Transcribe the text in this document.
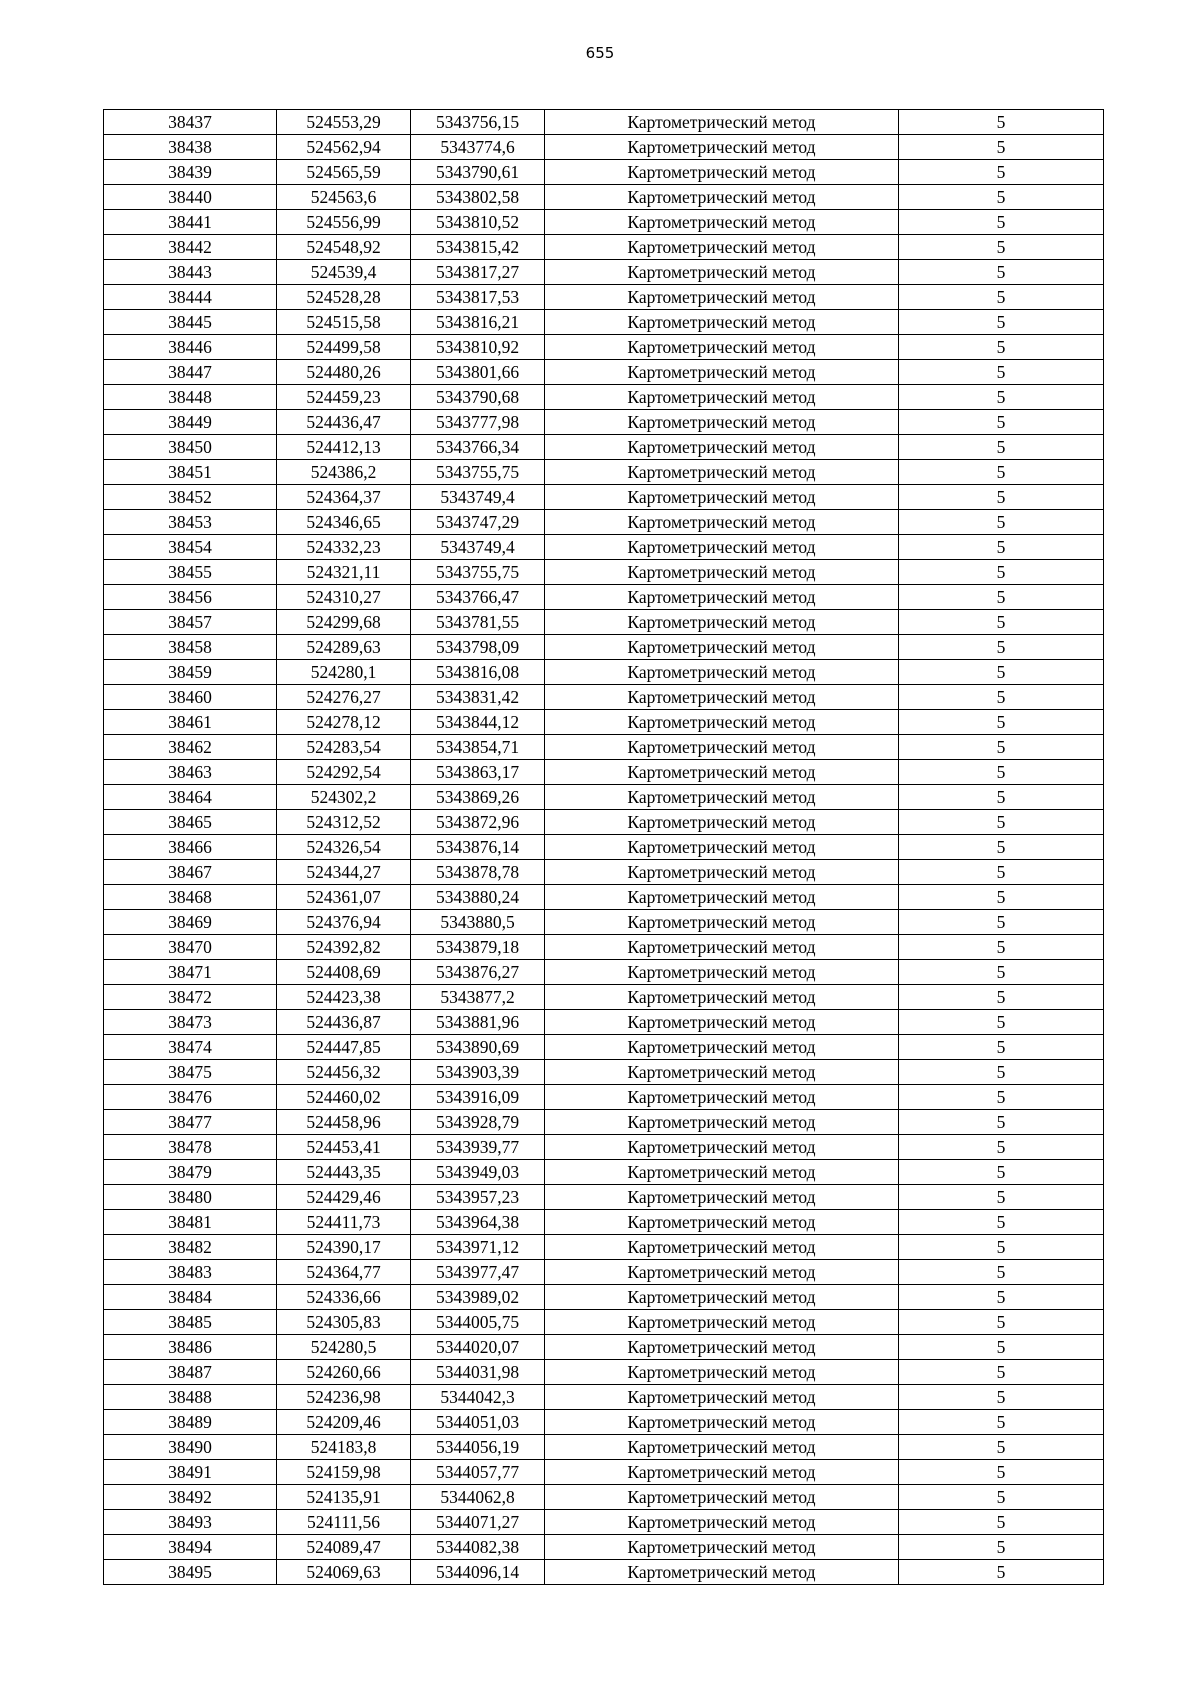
655
38437	524553,29	5343756,15	Картометрический метод	5
38438	524562,94	5343774,6	Картометрический метод	5
38439	524565,59	5343790,61	Картометрический метод	5
38440	524563,6	5343802,58	Картометрический метод	5
38441	524556,99	5343810,52	Картометрический метод	5
38442	524548,92	5343815,42	Картометрический метод	5
38443	524539,4	5343817,27	Картометрический метод	5
38444	524528,28	5343817,53	Картометрический метод	5
38445	524515,58	5343816,21	Картометрический метод	5
38446	524499,58	5343810,92	Картометрический метод	5
38447	524480,26	5343801,66	Картометрический метод	5
38448	524459,23	5343790,68	Картометрический метод	5
38449	524436,47	5343777,98	Картометрический метод	5
38450	524412,13	5343766,34	Картометрический метод	5
38451	524386,2	5343755,75	Картометрический метод	5
38452	524364,37	5343749,4	Картометрический метод	5
38453	524346,65	5343747,29	Картометрический метод	5
38454	524332,23	5343749,4	Картометрический метод	5
38455	524321,11	5343755,75	Картометрический метод	5
38456	524310,27	5343766,47	Картометрический метод	5
38457	524299,68	5343781,55	Картометрический метод	5
38458	524289,63	5343798,09	Картометрический метод	5
38459	524280,1	5343816,08	Картометрический метод	5
38460	524276,27	5343831,42	Картометрический метод	5
38461	524278,12	5343844,12	Картометрический метод	5
38462	524283,54	5343854,71	Картометрический метод	5
38463	524292,54	5343863,17	Картометрический метод	5
38464	524302,2	5343869,26	Картометрический метод	5
38465	524312,52	5343872,96	Картометрический метод	5
38466	524326,54	5343876,14	Картометрический метод	5
38467	524344,27	5343878,78	Картометрический метод	5
38468	524361,07	5343880,24	Картометрический метод	5
38469	524376,94	5343880,5	Картометрический метод	5
38470	524392,82	5343879,18	Картометрический метод	5
38471	524408,69	5343876,27	Картометрический метод	5
38472	524423,38	5343877,2	Картометрический метод	5
38473	524436,87	5343881,96	Картометрический метод	5
38474	524447,85	5343890,69	Картометрический метод	5
38475	524456,32	5343903,39	Картометрический метод	5
38476	524460,02	5343916,09	Картометрический метод	5
38477	524458,96	5343928,79	Картометрический метод	5
38478	524453,41	5343939,77	Картометрический метод	5
38479	524443,35	5343949,03	Картометрический метод	5
38480	524429,46	5343957,23	Картометрический метод	5
38481	524411,73	5343964,38	Картометрический метод	5
38482	524390,17	5343971,12	Картометрический метод	5
38483	524364,77	5343977,47	Картометрический метод	5
38484	524336,66	5343989,02	Картометрический метод	5
38485	524305,83	5344005,75	Картометрический метод	5
38486	524280,5	5344020,07	Картометрический метод	5
38487	524260,66	5344031,98	Картометрический метод	5
38488	524236,98	5344042,3	Картометрический метод	5
38489	524209,46	5344051,03	Картометрический метод	5
38490	524183,8	5344056,19	Картометрический метод	5
38491	524159,98	5344057,77	Картометрический метод	5
38492	524135,91	5344062,8	Картометрический метод	5
38493	524111,56	5344071,27	Картометрический метод	5
38494	524089,47	5344082,38	Картометрический метод	5
38495	524069,63	5344096,14	Картометрический метод	5
